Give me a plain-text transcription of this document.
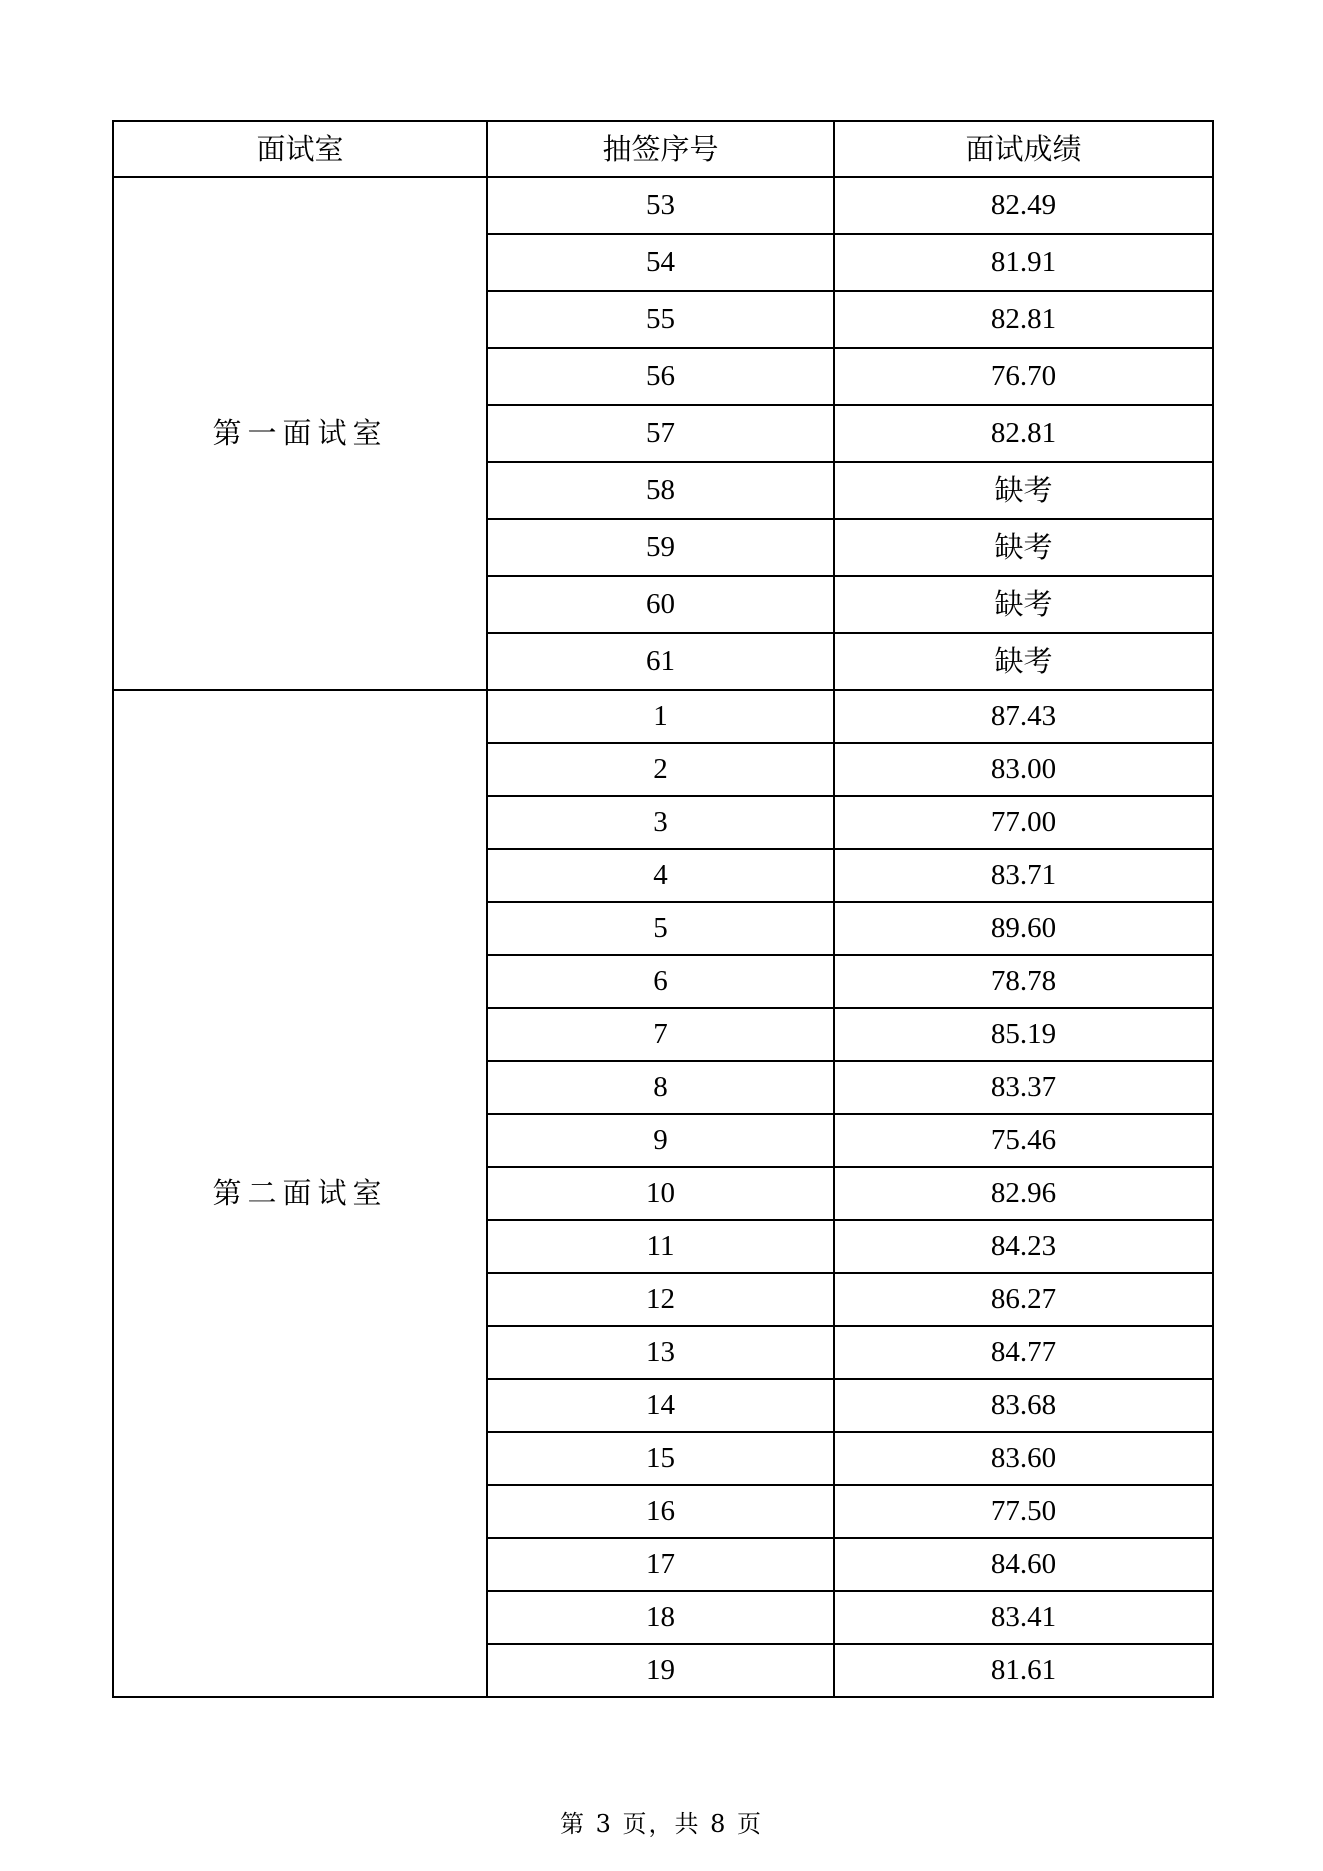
面试室	抽签序号	面试成绩
第一面试室	53	82.49
	54	81.91
	55	82.81
	56	76.70
	57	82.81
	58	缺考
	59	缺考
	60	缺考
	61	缺考
第二面试室	1	87.43
	2	83.00
	3	77.00
	4	83.71
	5	89.60
	6	78.78
	7	85.19
	8	83.37
	9	75.46
	10	82.96
	11	84.23
	12	86.27
	13	84.77
	14	83.68
	15	83.60
	16	77.50
	17	84.60
	18	83.41
	19	81.61
第 3 页，共 8 页
